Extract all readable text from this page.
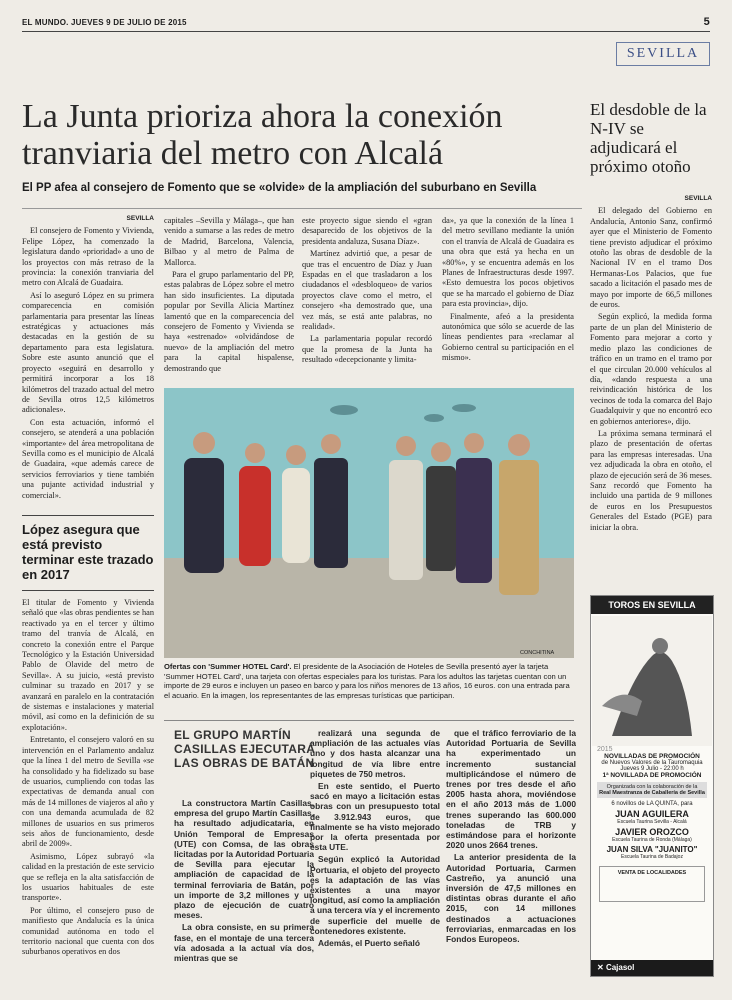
EL MUNDO. JUEVES 9 DE JULIO DE 2015	5
SEVILLA
La Junta prioriza ahora la conexión
tranviaria del metro con Alcalá
El PP afea al consejero de Fomento que se «olvide» de la ampliación del suburbano en Sevilla
SEVILLA

El consejero de Fomento y Vivienda, Felipe López, ha comenzado la legislatura dando «prioridad» a uno de los proyectos con más retraso de la provincia: la conexión tranviaria del metro con Alcalá de Guadaira.

Así lo aseguró López en su primera comparecencia en comisión parlamentaria para presentar las líneas estratégicas y actuaciones más destacadas en la gestión de su departamento para esta legislatura. Sobre este asunto anunció que el proyecto «seguirá en desarrollo y permitirá incorporar a los 18 kilómetros del trazado actual del metro de Sevilla otros 12,5 kilómetros adicionales».

Con esta actuación, informó el consejero, se atenderá a una población «importante» del área metropolitana de Sevilla como es el municipio de Alcalá de Guadaira, «que además carece de servicios ferroviarios y tiene también una pujante actividad industrial y comercial».

capitales –Sevilla y Málaga–, que han venido a sumarse a las redes de metro de Madrid, Barcelona, Valencia, Bilbao y al metro de Palma de Mallorca.

Para el grupo parlamentario del PP, estas palabras de López sobre el metro han sido insuficientes. La diputada popular por Sevilla Alicia Martínez lamentó que en la comparecencia del consejero de Fomento y Vivienda se haya «estrenado» «olvidándose de nuevo» de la ampliación del metro para la capital hispalense, demostrando que

este proyecto sigue siendo el «gran desaparecido de los objetivos de la presidenta andaluza, Susana Díaz».

Martínez advirtió que, a pesar de que tras el encuentro de Díaz y Juan Espadas en el que trasladaron a los ciudadanos el «desbloqueo» de varios proyectos clave como el metro, el consejero «ha demostrado que, una vez más, se está ante palabras, no realidad».

La parlamentaria popular recordó que la promesa de la Junta ha resultado «decepcionante y limita-

da», ya que la conexión de la línea 1 del metro sevillano mediante la unión con el tranvía de Alcalá de Guadaira es una obra que está ya hecha en un «80%», y se encuentra además en los Planes de Infraestructuras desde 1997. «Esto demuestra los pocos objetivos que se ha marcado el gobierno de Díaz para esta provincia», dijo.

Finalmente, afeó a la presidenta autonómica que sólo se acuerde de las líneas pendientes para «reclamar al Gobierno central su participación en el mismo».

López asegura que está previsto terminar este trazado en 2017

El titular de Fomento y Vivienda señaló que «las obras pendientes se han reactivado ya en el tercer y último tramo del tranvía de Alcalá, en concreto la conexión entre el Parque Tecnológico y la Estación Universidad Pablo de Olavide del metro de Sevilla». A su juicio, «está previsto culminar su trazado en 2017 y se avanzará en paralelo en la contratación de sistemas e instalaciones y material móvil, así como en la definición de su explotación».

Entretanto, el consejero valoró en su intervención en el Parlamento andaluz que la línea 1 del metro de Sevilla «se ha consolidado y ha fidelizado su base de usuarios, cumpliendo con todas las expectativas de demanda anual con más de 14 millones de viajeros al año y con una demanda acumulada de 82 millones de usuarios en sus primeros seis años de funcionamiento, desde abril de 2009».

Asimismo, López subrayó «la calidad en la prestación de este servicio que se refleja en la alta satisfacción de los usuarios habituales de este transporte».

Por último, el consejero puso de manifiesto que Andalucía es la única comunidad autónoma en todo el territorio nacional que cuenta con dos suburbanos operativos en dos

CONCHITINA
Ofertas con 'Summer HOTEL Card'. El presidente de la Asociación de Hoteles de Sevilla presentó ayer la tarjeta 'Summer HOTEL Card', una tarjeta con ofertas especiales para los turistas. Para los adultos las tarjetas cuentan con un importe de 29 euros e incluyen un paseo en barco y para los niños menores de 13 años, 16 euros. con una entrada para el acuario. En la imagen, los representantes de las empresas turísticas que participan.
EL GRUPO MARTÍN CASILLAS EJECUTARÁ LAS OBRAS DE BATÁN

La constructora Martín Casillas, empresa del grupo Martín Casillas, ha resultado adjudicataria, en Unión Temporal de Empresas (UTE) con Comsa, de las obras licitadas por la Autoridad Portuaria de Sevilla para ejecutar la ampliación de capacidad de la terminal ferroviaria de Batán, por un importe de 3,2 millones y un plazo de ejecución de cuatro meses.

La obra consiste, en su primera fase, en el montaje de una tercera vía adosada a la actual vía dos, mientras que se

realizará una segunda de ampliación de las actuales vías uno y dos hasta alcanzar una longitud de vía libre entre piquetes de 750 metros.

En este sentido, el Puerto sacó en mayo a licitación estas obras con un presupuesto total de 3.912.943 euros, que finalmente se ha visto mejorado por la oferta presentada por esta UTE.

Según explicó la Autoridad Portuaria, el objeto del proyecto es la adaptación de las vías existentes a una mayor longitud, así como la ampliación a una tercera vía y el incremento de superficie del muelle de contenedores existente.

Además, el Puerto señaló

que el tráfico ferroviario de la Autoridad Portuaria de Sevilla ha experimentado un incremento sustancial multiplicándose el número de trenes por tres desde el año 2005 hasta ahora, moviéndose en el año 2013 más de 1.000 trenes superando las 600.000 toneladas de TRB y estimándose para el horizonte 2020 unos 2664 trenes.

La anterior presidenta de la Autoridad Portuaria, Carmen Castreño, ya anunció una inversión de 47,5 millones en distintas obras durante el año 2015, con 14 millones destinados a actuaciones ferroviarias, enmarcadas en los Fondos Europeos.

El desdoble de la N-IV se adjudicará el próximo otoño
SEVILLA

El delegado del Gobierno en Andalucía, Antonio Sanz, confirmó ayer que el Ministerio de Fomento tiene previsto adjudicar el próximo otoño las obras de desdoble de la Nacional IV en el tramo Dos Hermanas-Los Palacios, que fue sacado a licitación el pasado mes de mayo por importe de 66,5 millones de euros.

Según explicó, la medida forma parte de un plan del Ministerio de Fomento para mejorar a corto y medio plazo las condiciones de tráfico en un tramo en el tramo por el que circulan 20.000 vehículos al día, «dando respuesta a una reivindicación histórica de los vecinos de toda la comarca del Bajo Guadalquivir y que no encontró eco en gobiernos anteriores», dijo.

La próxima semana terminará el plazo de presentación de ofertas para las empresas interesadas. Una vez adjudicada la obra en otoño, el plazo de ejecución será de 36 meses. Sanz recordó que Fomento ha incluido una partida de 9 millones de euros en los Presupuestos Generales del Estado (PGE) para iniciar la obra.

TOROS EN SEVILLA
2015
NOVILLADAS DE PROMOCIÓN
de Nuevos Valores de la Tauromaquia
Jueves 9 Julio - 22:00 h
1ª NOVILLADA DE PROMOCIÓN
Organizada con la colaboración de la
Real Maestranza de Caballería de Sevilla
6 novillos de LA QUINTA, para
JUAN AGUILERA
Escuela Taurina Sevilla - Alcalá
JAVIER OROZCO
Escuela Taurina de Ronda (Málaga)
JUAN SILVA "JUANITO"
Escuela Taurina de Badajoz
VENTA DE LOCALIDADES
✕ Cajasol
